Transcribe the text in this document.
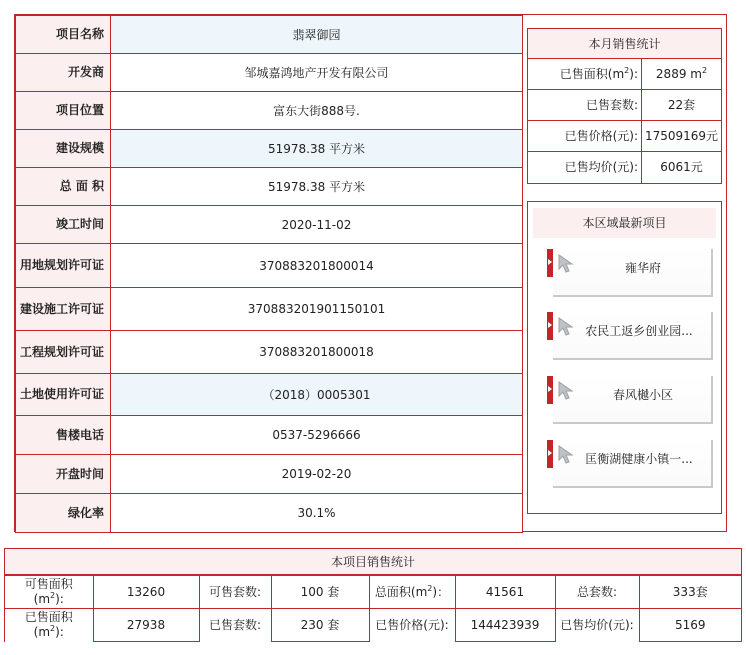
项目名称	翡翠御园
开发商	邹城嘉鸿地产开发有限公司
项目位置	富东大街888号.
建设规模	51978.38 平方米
总 面 积	51978.38 平方米
竣工时间	2020-11-02
用地规划许可证	370883201800014
建设施工许可证	370883201901150101
工程规划许可证	370883201800018
土地使用许可证	（2018）0005301
售楼电话	0537-5296666
开盘时间	2019-02-20
绿化率	30.1%
本月销售统计
已售面积$(m^2)$:	2889 $m^2$
已售套数:	22套
已售价格(元): 17509169元
已售均价(元):	6061元
本区域最新项目
雍华府
农民工返乡创业园...
春风樾小区
匡衡湖健康小镇一...
本项目销售统计
可售面积
$(m^2)$:	13260	可售套数:	100 套	总面积$(m^2)$：	41561	总套数:	333套
已售面积
$(m^2)$:	27938	已售套数:	230 套	已售价格(元):	144423939	已售均价(元):	5169
